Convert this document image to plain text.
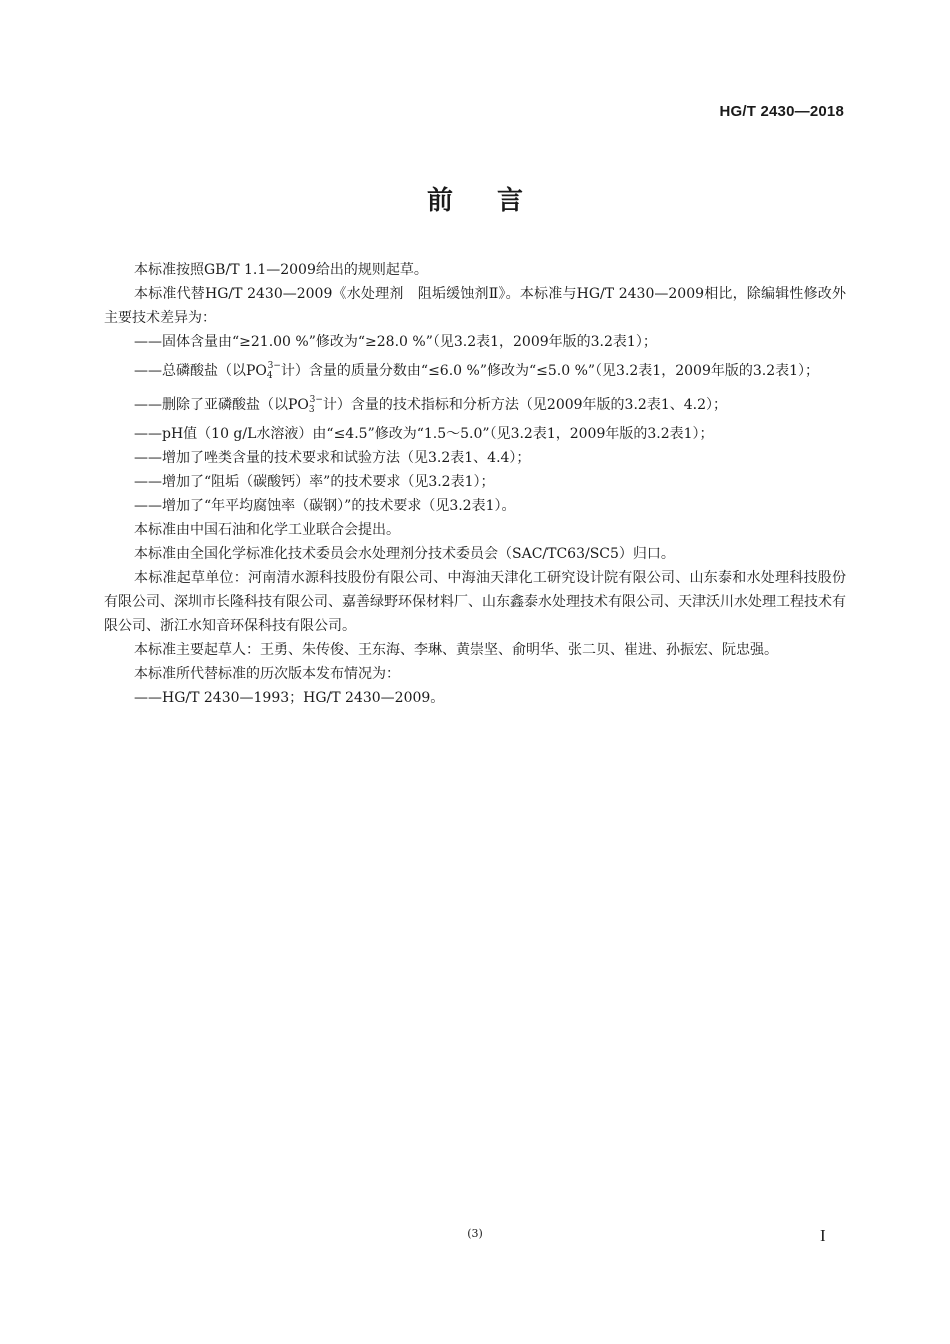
HG/T 2430—2018
前言

本标准按照GB/T 1.1—2009给出的规则起草。

本标准代替HG/T 2430—2009《水处理剂　阻垢缓蚀剂Ⅱ》。本标准与HG/T 2430—2009相比，除编辑性修改外主要技术差异为：

——固体含量由“≥21.00 %”修改为“≥28.0 %”（见3.2表1，2009年版的3.2表1）；

——总磷酸盐（以$PO_4^{3-}$计）含量的质量分数由“≤6.0 %”修改为“≤5.0 %”（见3.2表1，2009年版的3.2表1）；

——删除了亚磷酸盐（以$PO_3^{3-}$计）含量的技术指标和分析方法（见2009年版的3.2表1、4.2）；

——pH值（10 g/L水溶液）由“≤4.5”修改为“1.5～5.0”（见3.2表1，2009年版的3.2表1）；

——增加了唑类含量的技术要求和试验方法（见3.2表1、4.4）；

——增加了“阻垢（碳酸钙）率”的技术要求（见3.2表1）；

——增加了“年平均腐蚀率（碳钢）”的技术要求（见3.2表1）。

本标准由中国石油和化学工业联合会提出。

本标准由全国化学标准化技术委员会水处理剂分技术委员会（SAC/TC63/SC5）归口。

本标准起草单位：河南清水源科技股份有限公司、中海油天津化工研究设计院有限公司、山东泰和水处理科技股份有限公司、深圳市长隆科技有限公司、嘉善绿野环保材料厂、山东鑫泰水处理技术有限公司、天津沃川水处理工程技术有限公司、浙江水知音环保科技有限公司。

本标准主要起草人：王勇、朱传俊、王东海、李琳、黄崇坚、俞明华、张二贝、崔进、孙振宏、阮忠强。

本标准所代替标准的历次版本发布情况为：

——HG/T 2430—1993；HG/T 2430—2009。

(3)	I
